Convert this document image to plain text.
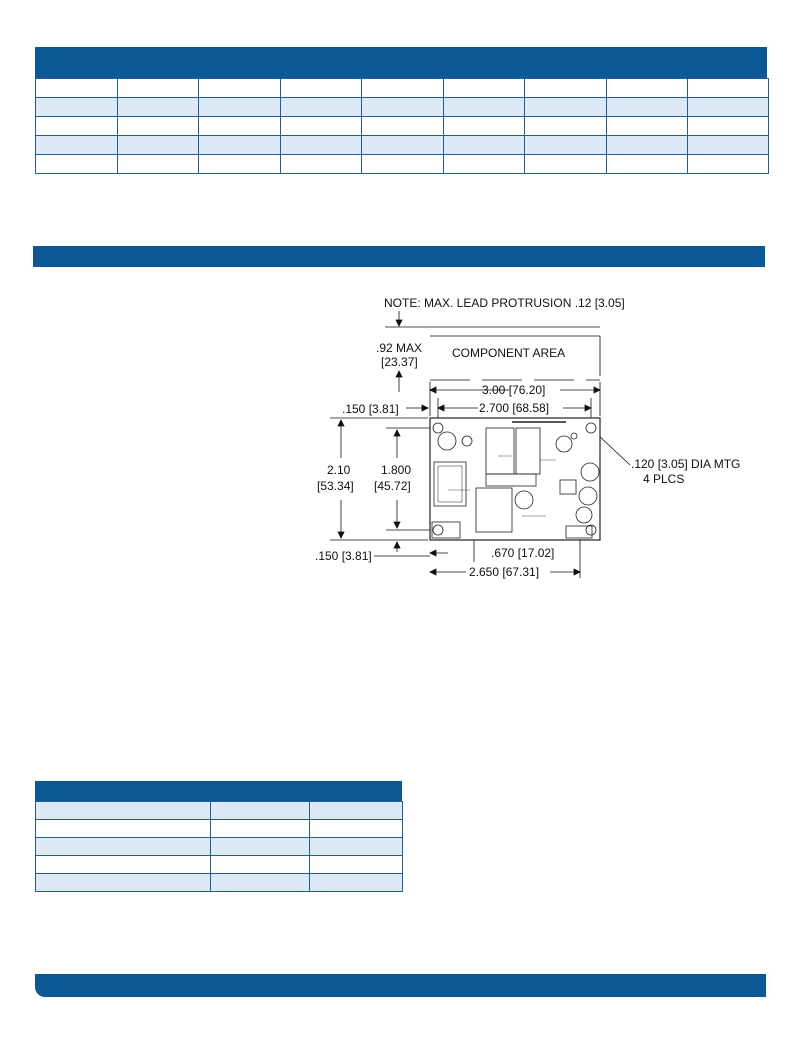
NOTE: MAX. LEAD PROTRUSION .12 [3.05]
.92 MAX
[23.37]
COMPONENT AREA
3.00 [76.20]
2.700 [68.58]
.150 [3.81]
2.10
[53.34]
1.800
[45.72]
.120 [3.05] DIA MTG
4 PLCS
.150 [3.81]	.670 [17.02]
2.650 [67.31]
